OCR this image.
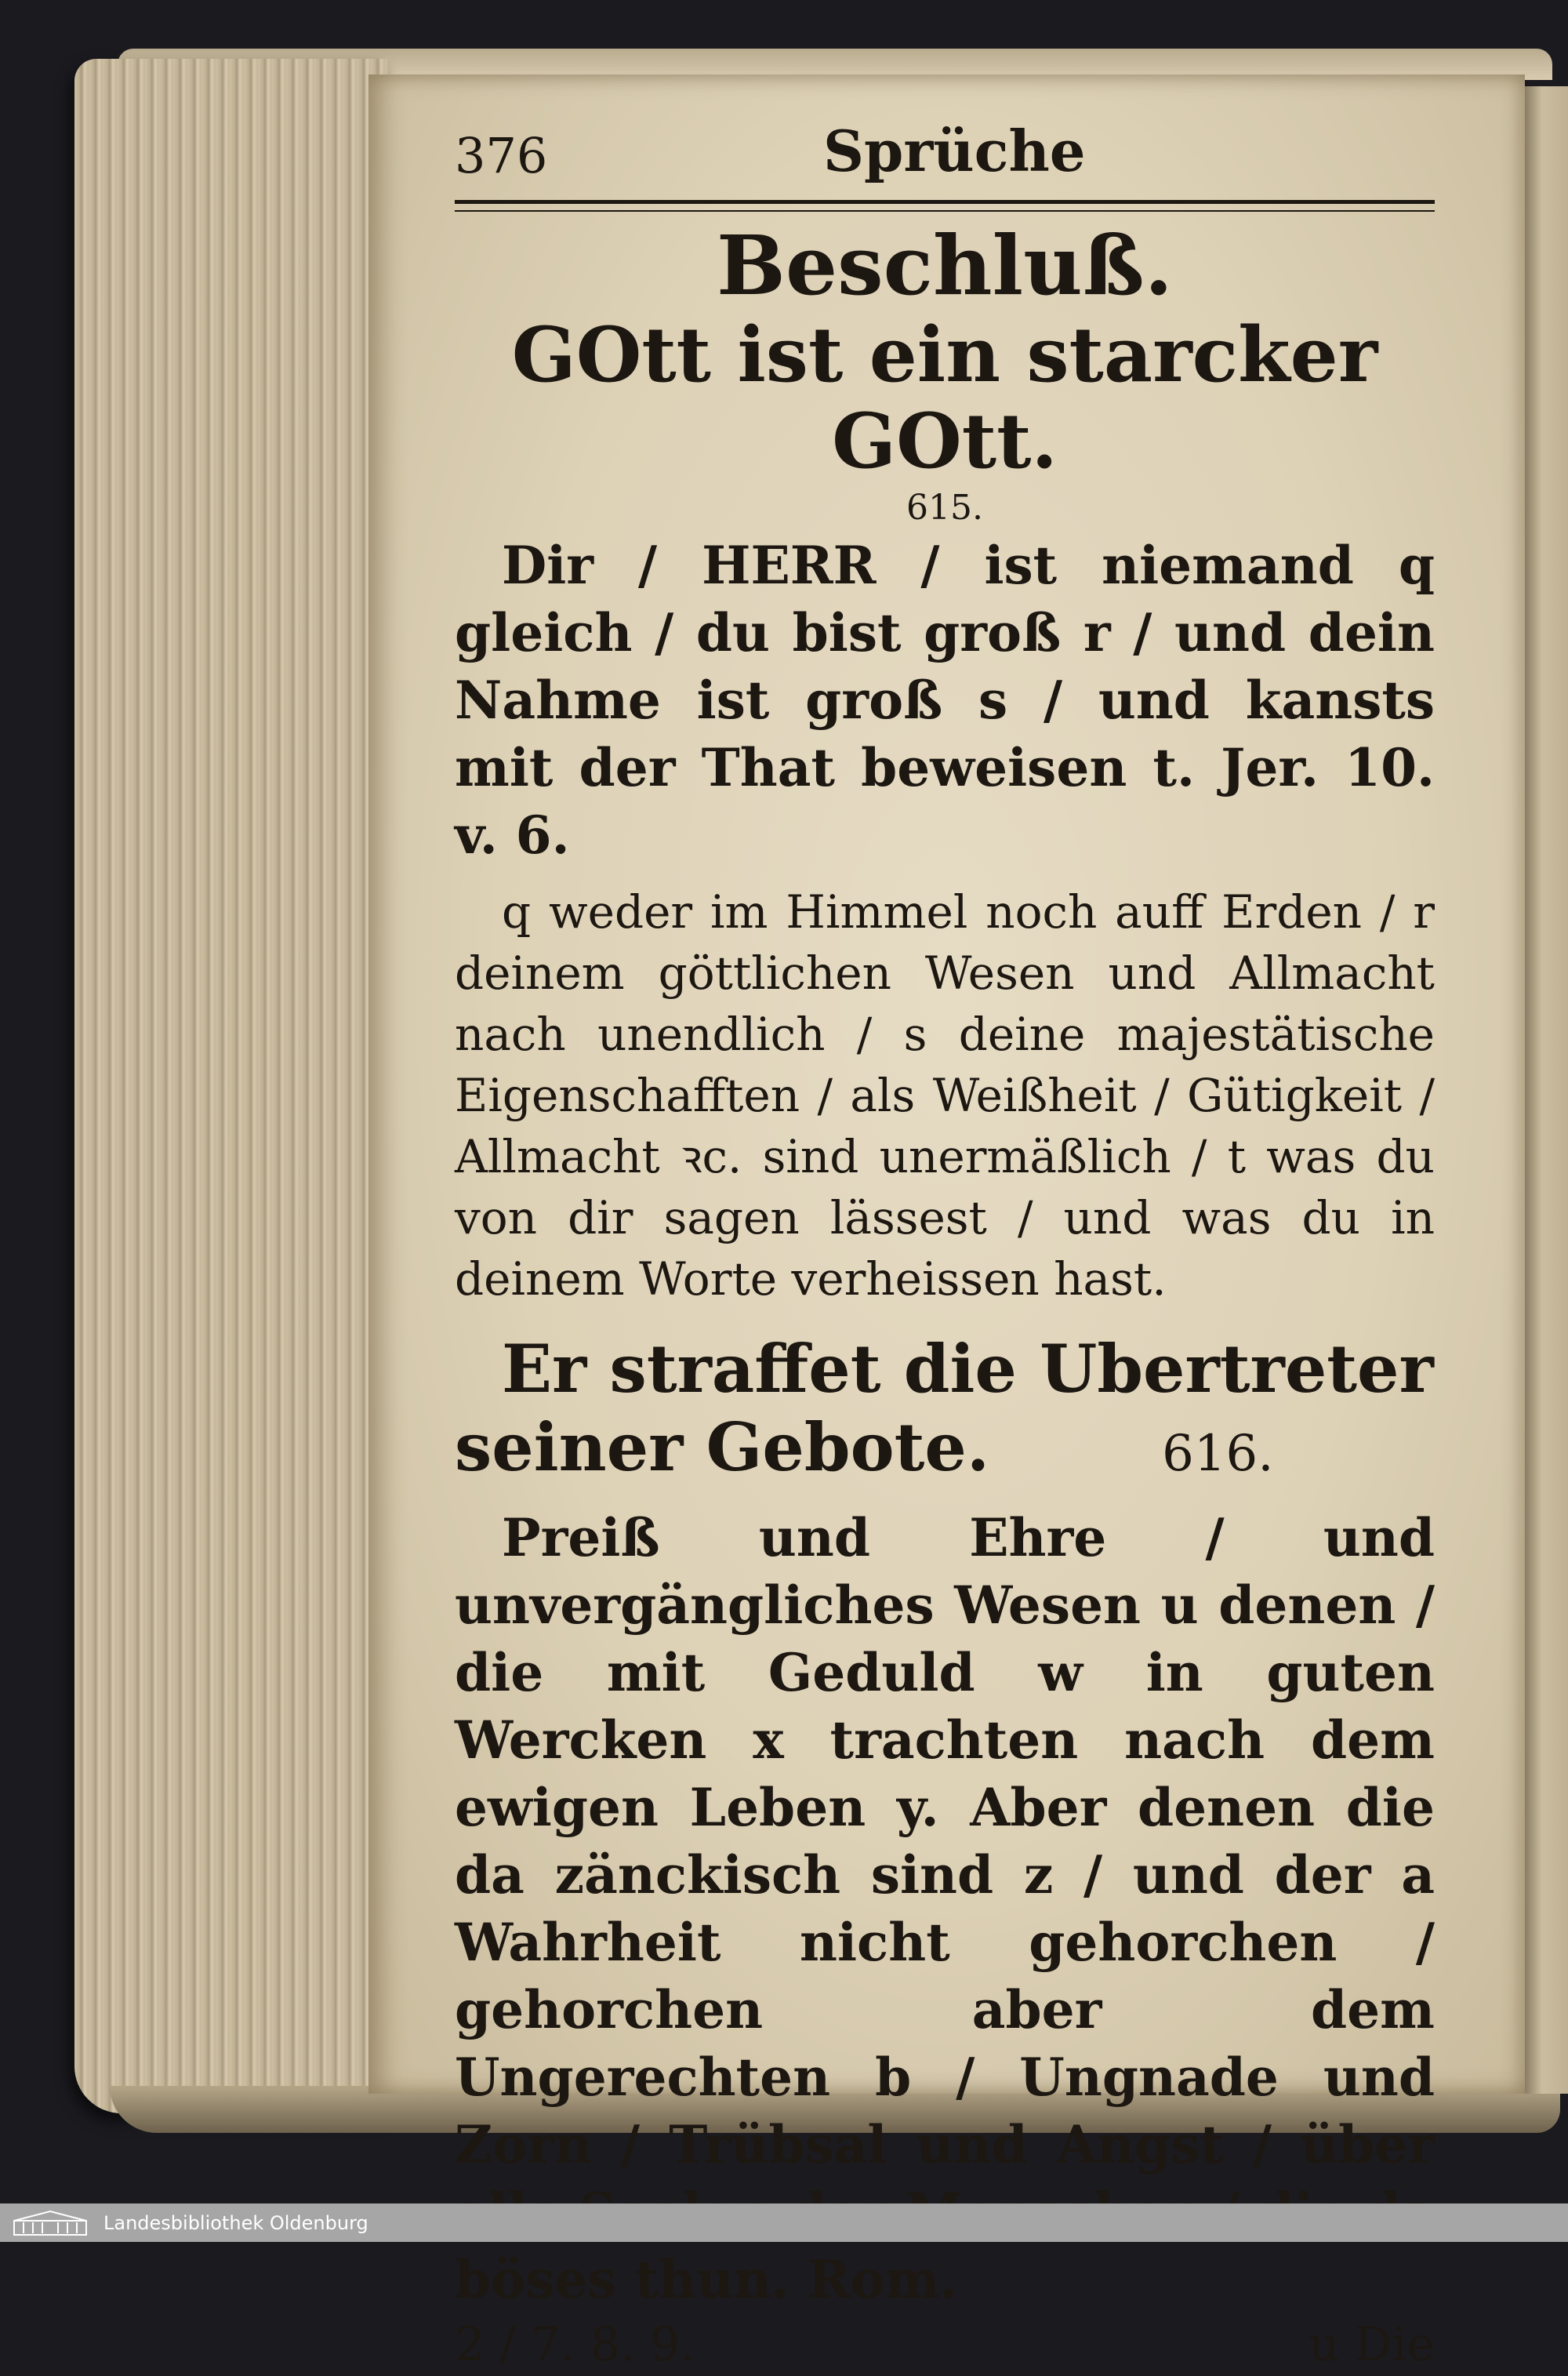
376	Sprüche
Beschluß.
GOtt ist ein starcker GOtt.
615.

Dir / HERR / ist niemand q gleich / du bist groß r / und dein Nahme ist groß s / und kansts mit der That beweisen t. Jer. 10. v. 6.

q weder im Himmel noch auff Erden / r deinem göttlichen Wesen und Allmacht nach unendlich / s deine majestätische Eigenschafften / als Weißheit / Gütigkeit / Allmacht ꝛc. sind unermäßlich / t was du von dir sagen lässest / und was du in deinem Worte verheissen hast.

Er straffet die Ubertreter seiner Gebote.	616.

Preiß und Ehre / und unvergängliches Wesen u denen / die mit Geduld w in guten Wercken x trachten nach dem ewigen Leben y. Aber denen die da zänckisch sind z / und der a Wahrheit nicht gehorchen / gehorchen aber dem Ungerechten b / Ungnade und Zorn / Trübsal und Angst / über böses thun. Rom.

2 / 7. 8. 9.	u Die
Landesbibliothek Oldenburg
